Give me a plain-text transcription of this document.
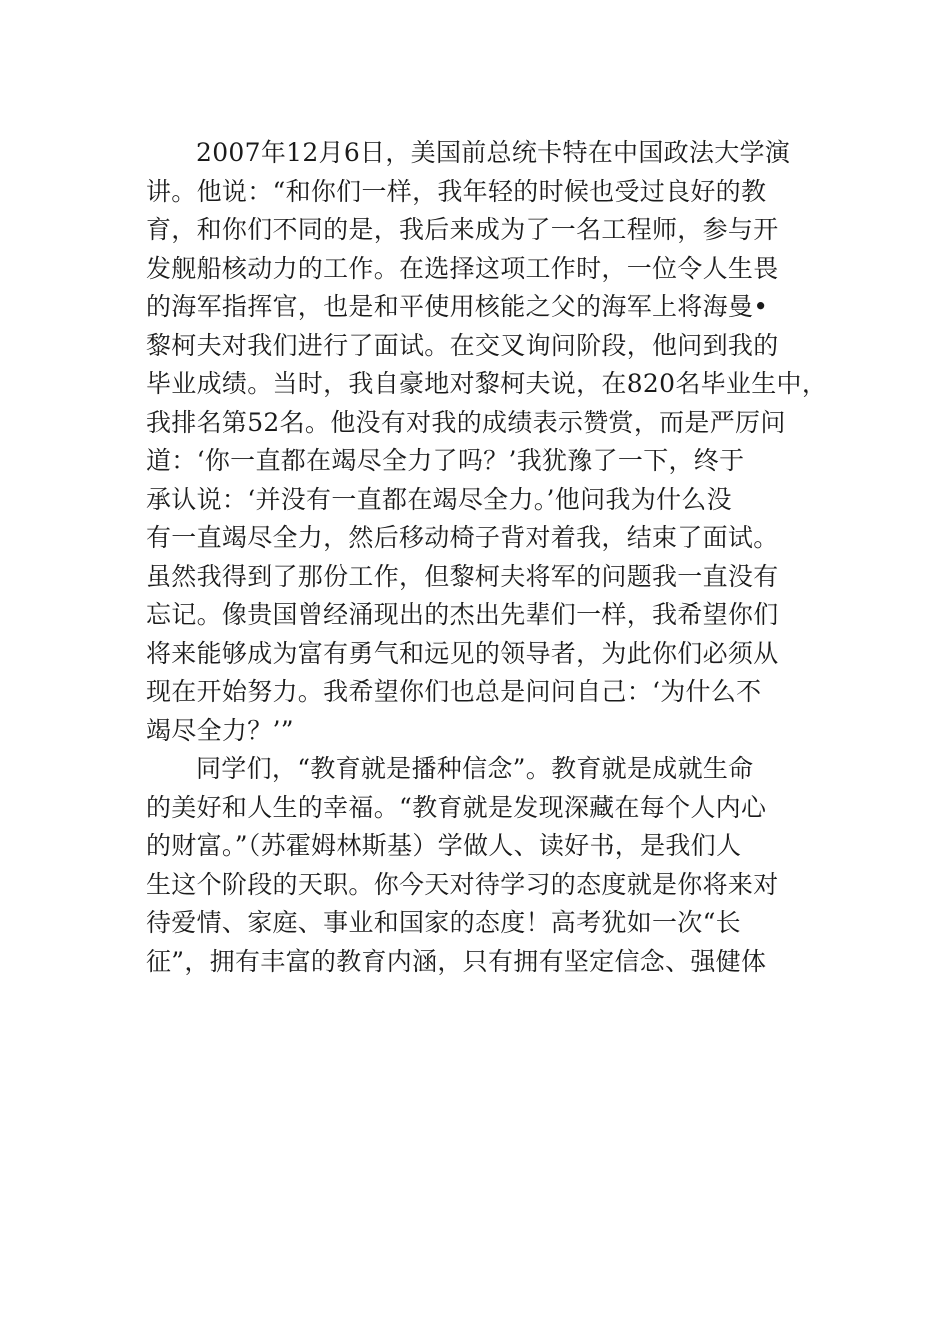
2007年12月6日，美国前总统卡特在中国政法大学演
讲。他说：“和你们一样，我年轻的时候也受过良好的教
育，和你们不同的是，我后来成为了一名工程师，参与开
发舰船核动力的工作。在选择这项工作时，一位令人生畏
的海军指挥官，也是和平使用核能之父的海军上将海曼•
黎柯夫对我们进行了面试。在交叉询问阶段，他问到我的
毕业成绩。当时，我自豪地对黎柯夫说，在820名毕业生中，
我排名第52名。他没有对我的成绩表示赞赏，而是严厉问
道：‘你一直都在竭尽全力了吗？’我犹豫了一下，终于
承认说：‘并没有一直都在竭尽全力。’他问我为什么没
有一直竭尽全力，然后移动椅子背对着我，结束了面试。
虽然我得到了那份工作，但黎柯夫将军的问题我一直没有
忘记。像贵国曾经涌现出的杰出先辈们一样，我希望你们
将来能够成为富有勇气和远见的领导者，为此你们必须从
现在开始努力。我希望你们也总是问问自己：‘为什么不
竭尽全力？’”
同学们，“教育就是播种信念”。教育就是成就生命
的美好和人生的幸福。“教育就是发现深藏在每个人内心
的财富。”（苏霍姆林斯基）学做人、读好书，是我们人
生这个阶段的天职。你今天对待学习的态度就是你将来对
待爱情、家庭、事业和国家的态度！高考犹如一次“长
征”，拥有丰富的教育内涵，只有拥有坚定信念、强健体
